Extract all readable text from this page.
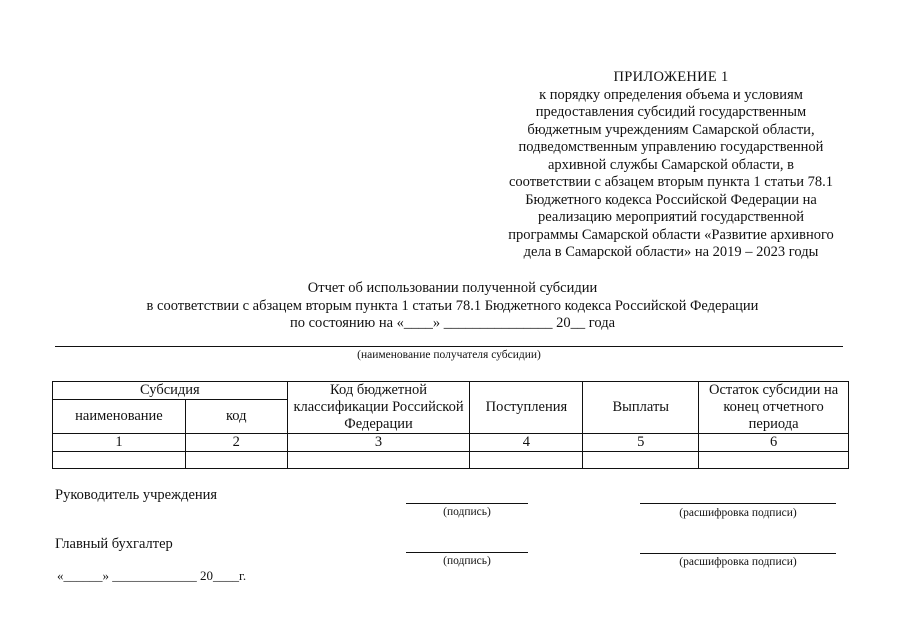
ПРИЛОЖЕНИЕ 1
к порядку определения объема и условиям
предоставления субсидий государственным
бюджетным учреждениям Самарской области,
подведомственным управлению государственной
архивной службы Самарской области, в
соответствии с абзацем вторым пункта 1 статьи 78.1
Бюджетного кодекса Российской Федерации на
реализацию мероприятий государственной
программы Самарской области «Развитие архивного
дела в Самарской области» на 2019 – 2023 годы
Отчет об использовании полученной субсидии
в соответствии с абзацем вторым пункта 1 статьи 78.1 Бюджетного кодекса Российской Федерации
по состоянию на «____» _______________ 20__ года
(наименование получателя субсидии)
Субсидия		Код бюджетной классификации Российской Федерации	Поступления	Выплаты	Остаток субсидии на конец отчетного периода
наименование	код				
1	2	3	4	5	6

Руководитель учреждения
(подпись)	(расшифровка подписи)
Главный бухгалтер
(подпись)	(расшифровка подписи)
«______» _____________ 20____г.
